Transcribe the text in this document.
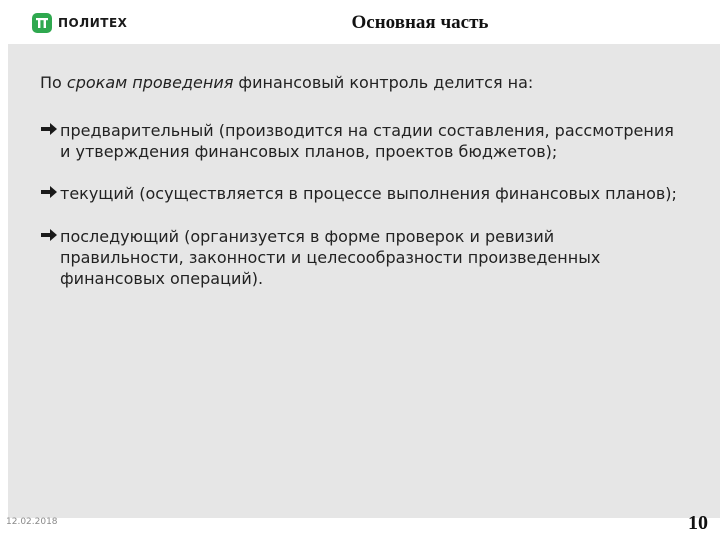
ПОЛИТЕХ	Основная часть
По срокам проведения финансовый контроль делится на:
предварительный (производится на стадии составления, рассмотрения и утверждения финансовых планов, проектов бюджетов);
текущий (осуществляется в процессе выполнения финансовых планов);
последующий (организуется в форме проверок и ревизий правильности, законности и целесообразности произведенных финансовых операций).
12.02.2018	10
